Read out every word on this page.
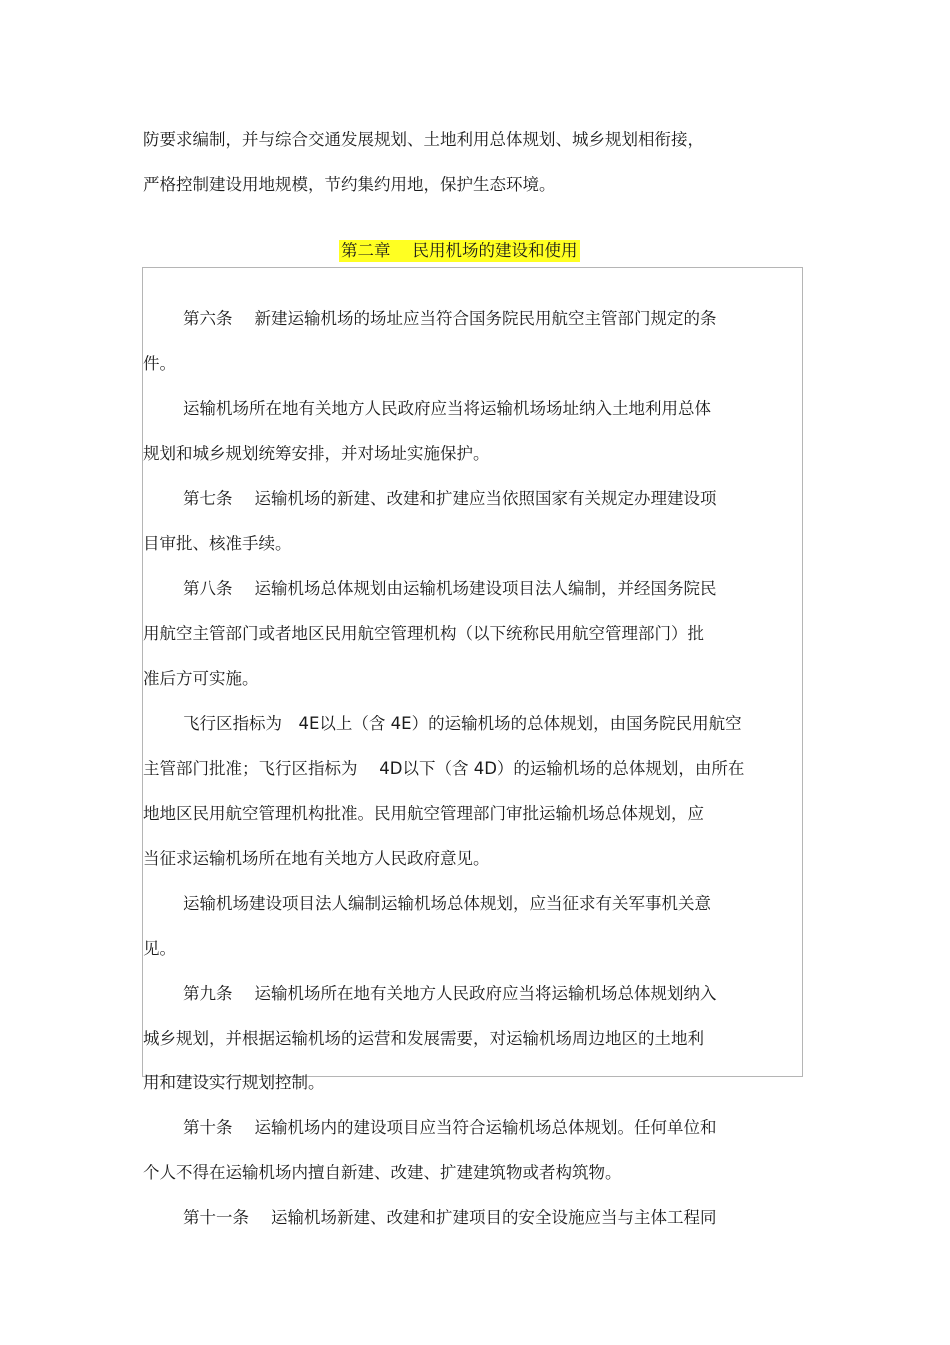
防要求编制，并与综合交通发展规划、土地利用总体规划、城乡规划相衔接，
严格控制建设用地规模，节约集约用地，保护生态环境。
第二章 民用机场的建设和使用
第六条 新建运输机场的场址应当符合国务院民用航空主管部门规定的条
件。
运输机场所在地有关地方人民政府应当将运输机场场址纳入土地利用总体
规划和城乡规划统筹安排，并对场址实施保护。
第七条 运输机场的新建、改建和扩建应当依照国家有关规定办理建设项
目审批、核准手续。
第八条 运输机场总体规划由运输机场建设项目法人编制，并经国务院民
用航空主管部门或者地区民用航空管理机构（以下统称民用航空管理部门）批
准后方可实施。
飞行区指标为　4E以上（含 4E）的运输机场的总体规划，由国务院民用航空
主管部门批准；飞行区指标为　 4D以下（含 4D）的运输机场的总体规划，由所在
地地区民用航空管理机构批准。民用航空管理部门审批运输机场总体规划，应
当征求运输机场所在地有关地方人民政府意见。
运输机场建设项目法人编制运输机场总体规划，应当征求有关军事机关意
见。
第九条 运输机场所在地有关地方人民政府应当将运输机场总体规划纳入
城乡规划，并根据运输机场的运营和发展需要，对运输机场周边地区的土地利
用和建设实行规划控制。
第十条 运输机场内的建设项目应当符合运输机场总体规划。任何单位和
个人不得在运输机场内擅自新建、改建、扩建建筑物或者构筑物。
第十一条 运输机场新建、改建和扩建项目的安全设施应当与主体工程同
